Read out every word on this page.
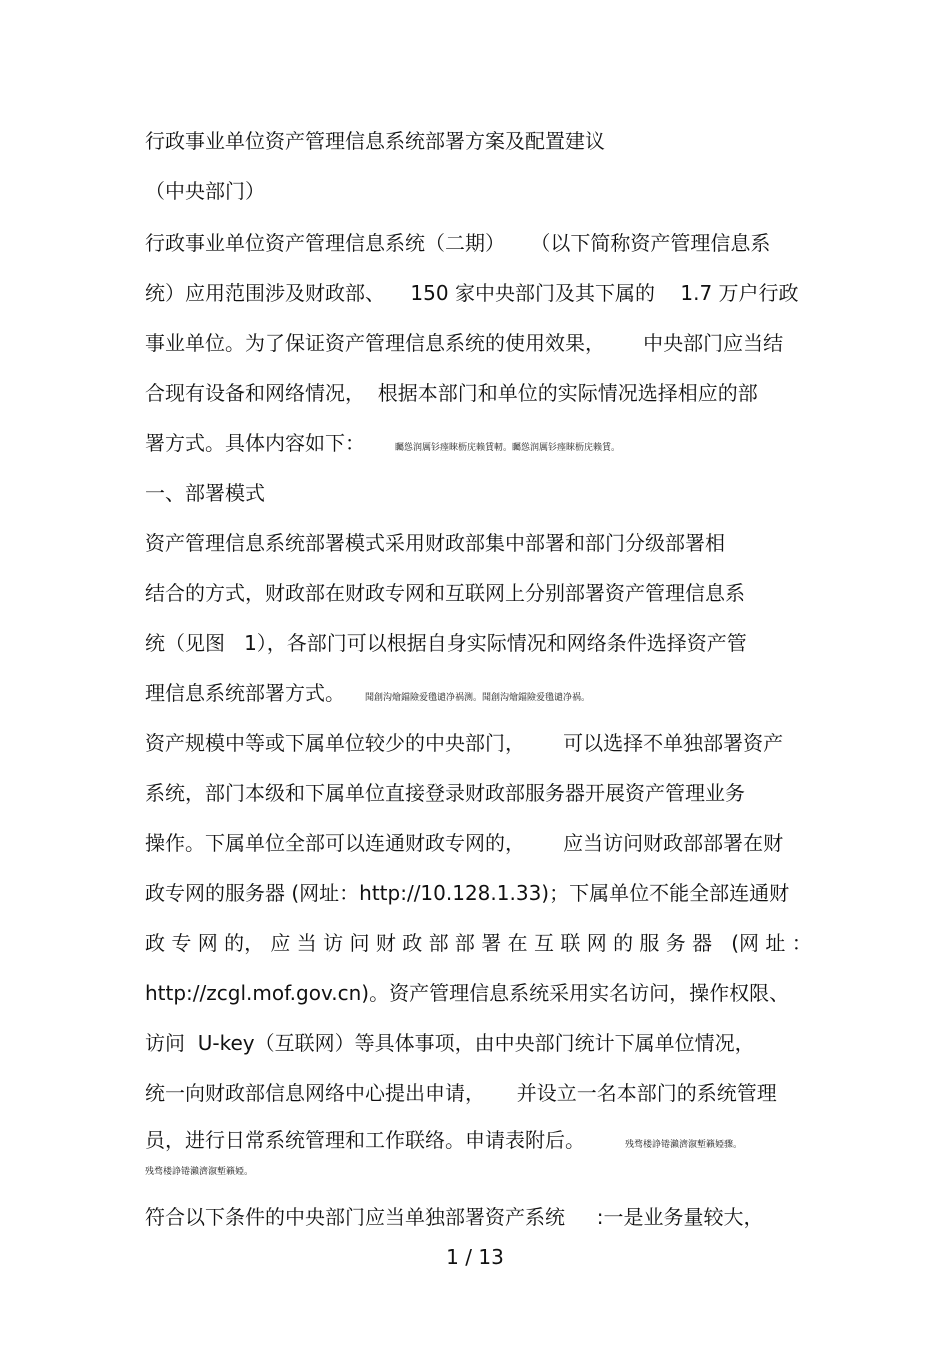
行政事业单位资产管理信息系统部署方案及配置建议

（中央部门）

行政事业单位资产管理信息系统（二期）    （以下简称资产管理信息系

统）应用范围涉及财政部、    150 家中央部门及其下属的    1.7 万户行政

事业单位。为了保证资产管理信息系统的使用效果，      中央部门应当结

合现有设备和网络情况，  根据本部门和单位的实际情况选择相应的部

署方式。具体内容如下：	矚慫润厲钐瘗睞枥庑赖賃軔。矚慫润厲钐瘗睞枥庑赖賃。

一、部署模式

资产管理信息系统部署模式采用财政部集中部署和部门分级部署相

结合的方式，财政部在财政专网和互联网上分别部署资产管理信息系

统（见图   1），各部门可以根据自身实际情况和网络条件选择资产管

理信息系统部署方式。 聞創沟燴鐺險爱氇谴净祸测。聞創沟燴鐺險爱氇谴净祸。

资产规模中等或下属单位较少的中央部门，      可以选择不单独部署资产

系统，部门本级和下属单位直接登录财政部服务器开展资产管理业务

操作。下属单位全部可以连通财政专网的，      应当访问财政部部署在财

政专网的服务器 (网址：http://10.128.1.33)；下属单位不能全部连通财

政 专 网 的， 应 当 访 问 财 政 部 部 署 在 互 联 网 的 服 务 器   (网 址 ：

http://zcgl.mof.gov.cn)。资产管理信息系统采用实名访问，操作权限、

访问  U-key（互联网）等具体事项，由中央部门统计下属单位情况，

统一向财政部信息网络中心提出申请，     并设立一名本部门的系统管理

员，进行日常系统管理和工作联络。申请表附后。	残骛楼諍锩瀨濟溆塹籟婭骤。

残骛楼諍锩瀨濟溆塹籟婭。

符合以下条件的中央部门应当单独部署资产系统     :一是业务量较大，

1 / 13
